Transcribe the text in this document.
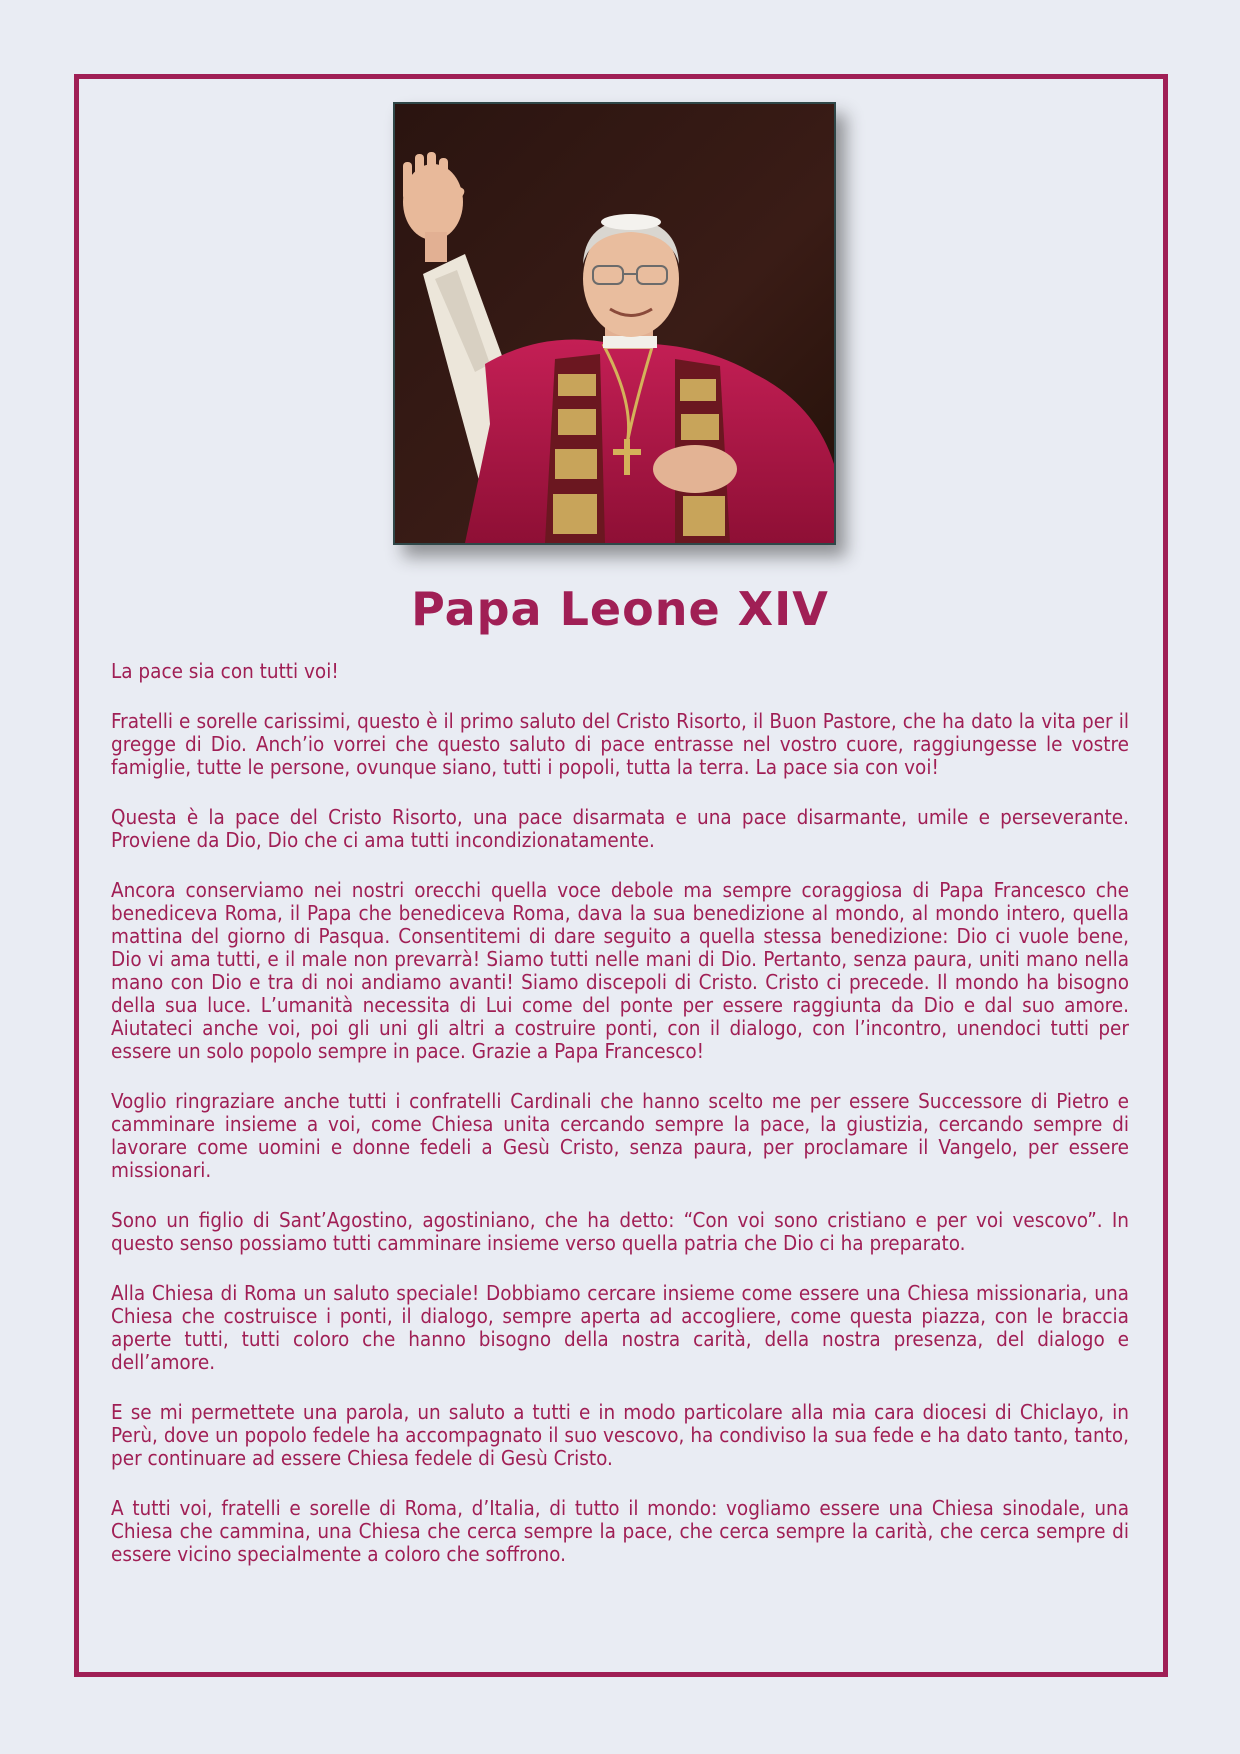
Papa Leone XIV

La pace sia con tutti voi!

Fratelli e sorelle carissimi, questo è il primo saluto del Cristo Risorto, il Buon Pastore, che ha dato la vita per il gregge di Dio. Anch’io vorrei che questo saluto di pace entrasse nel vostro cuore, raggiungesse le vostre famiglie, tutte le persone, ovunque siano, tutti i popoli, tutta la terra. La pace sia con voi!

Questa è la pace del Cristo Risorto, una pace disarmata e una pace disarmante, umile e perseverante. Proviene da Dio, Dio che ci ama tutti incondizionatamente.

Ancora conserviamo nei nostri orecchi quella voce debole ma sempre coraggiosa di Papa Francesco che benediceva Roma, il Papa che benediceva Roma, dava la sua benedizione al mondo, al mondo intero, quella mattina del giorno di Pasqua. Consentitemi di dare seguito a quella stessa benedizione: Dio ci vuole bene, Dio vi ama tutti, e il male non prevarrà! Siamo tutti nelle mani di Dio. Pertanto, senza paura, uniti mano nella mano con Dio e tra di noi andiamo avanti! Siamo discepoli di Cristo. Cristo ci precede. Il mondo ha bisogno della sua luce. L’umanità necessita di Lui come del ponte per essere raggiunta da Dio e dal suo amore. Aiutateci anche voi, poi gli uni gli altri a costruire ponti, con il dialogo, con l’incontro, unendoci tutti per essere un solo popolo sempre in pace. Grazie a Papa Francesco!

Voglio ringraziare anche tutti i confratelli Cardinali che hanno scelto me per essere Successore di Pietro e camminare insieme a voi, come Chiesa unita cercando sempre la pace, la giustizia, cercando sempre di lavorare come uomini e donne fedeli a Gesù Cristo, senza paura, per proclamare il Vangelo, per essere missionari.

Sono un figlio di Sant’Agostino, agostiniano, che ha detto: “Con voi sono cristiano e per voi vescovo”. In questo senso possiamo tutti camminare insieme verso quella patria che Dio ci ha preparato.

Alla Chiesa di Roma un saluto speciale! Dobbiamo cercare insieme come essere una Chiesa missionaria, una Chiesa che costruisce i ponti, il dialogo, sempre aperta ad accogliere, come questa piazza, con le braccia aperte tutti, tutti coloro che hanno bisogno della nostra carità, della nostra presenza, del dialogo e dell’amore.

E se mi permettete una parola, un saluto a tutti e in modo particolare alla mia cara diocesi di Chiclayo, in Perù, dove un popolo fedele ha accompagnato il suo vescovo, ha condiviso la sua fede e ha dato tanto, tanto, per continuare ad essere Chiesa fedele di Gesù Cristo.

A tutti voi, fratelli e sorelle di Roma, d’Italia, di tutto il mondo: vogliamo essere una Chiesa sinodale, una Chiesa che cammina, una Chiesa che cerca sempre la pace, che cerca sempre la carità, che cerca sempre di essere vicino specialmente a coloro che soffrono.
